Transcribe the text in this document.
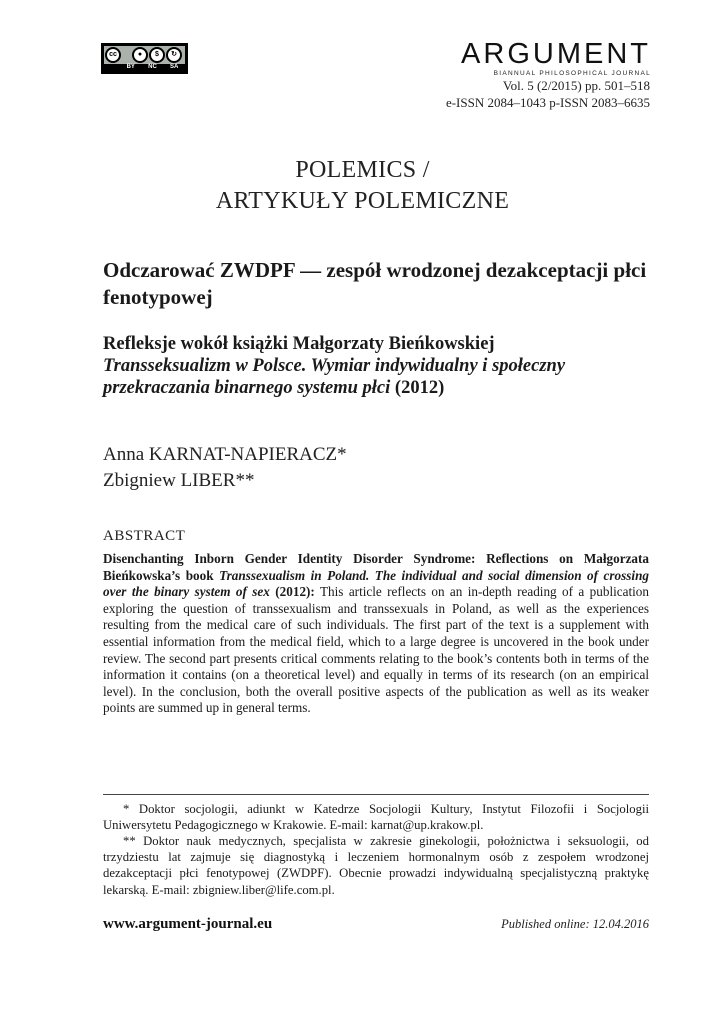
cc	●	$	↻
BY NC SA	ARGUMENT
BIANNUAL PHILOSOPHICAL JOURNAL
Vol. 5 (2/2015) pp. 501–518
e-ISSN 2084–1043 p-ISSN 2083–6635
POLEMICS /
ARTYKUŁY POLEMICZNE
Odczarować ZWDPF — zespół wrodzonej dezakceptacji płci fenotypowej
Refleksje wokół książki Małgorzaty Bieńkowskiej
Transseksualizm w Polsce. Wymiar indywidualny i społeczny przekraczania binarnego systemu płci (2012)
Anna KARNAT-NAPIERACZ*
Zbigniew LIBER**
ABSTRACT
Disenchanting Inborn Gender Identity Disorder Syndrome: Reflections on Małgorzata Bieńkowska’s book Transsexualism in Poland. The individual and social dimension of crossing over the binary system of sex (2012): This article reflects on an in-depth reading of a publication exploring the question of transsexualism and transsexuals in Poland, as well as the experiences resulting from the medical care of such individuals. The first part of the text is a supplement with essential information from the medical field, which to a large degree is uncovered in the book under review. The second part presents critical comments relating to the book’s contents both in terms of the information it contains (on a theoretical level) and equally in terms of its research (on an empirical level). In the conclusion, both the overall positive aspects of the publication as well as its weaker points are summed up in general terms.
* Doktor socjologii, adiunkt w Katedrze Socjologii Kultury, Instytut Filozofii i Socjologii Uniwersytetu Pedagogicznego w Krakowie. E-mail: karnat@up.krakow.pl.
** Doktor nauk medycznych, specjalista w zakresie ginekologii, położnictwa i seksuologii, od trzydziestu lat zajmuje się diagnostyką i leczeniem hormonalnym osób z zespołem wrodzonej dezakceptacji płci fenotypowej (ZWDPF). Obecnie prowadzi indywidualną specjalistyczną praktykę lekarską. E-mail: zbigniew.liber@life.com.pl.
www.argument-journal.eu	Published online: 12.04.2016
